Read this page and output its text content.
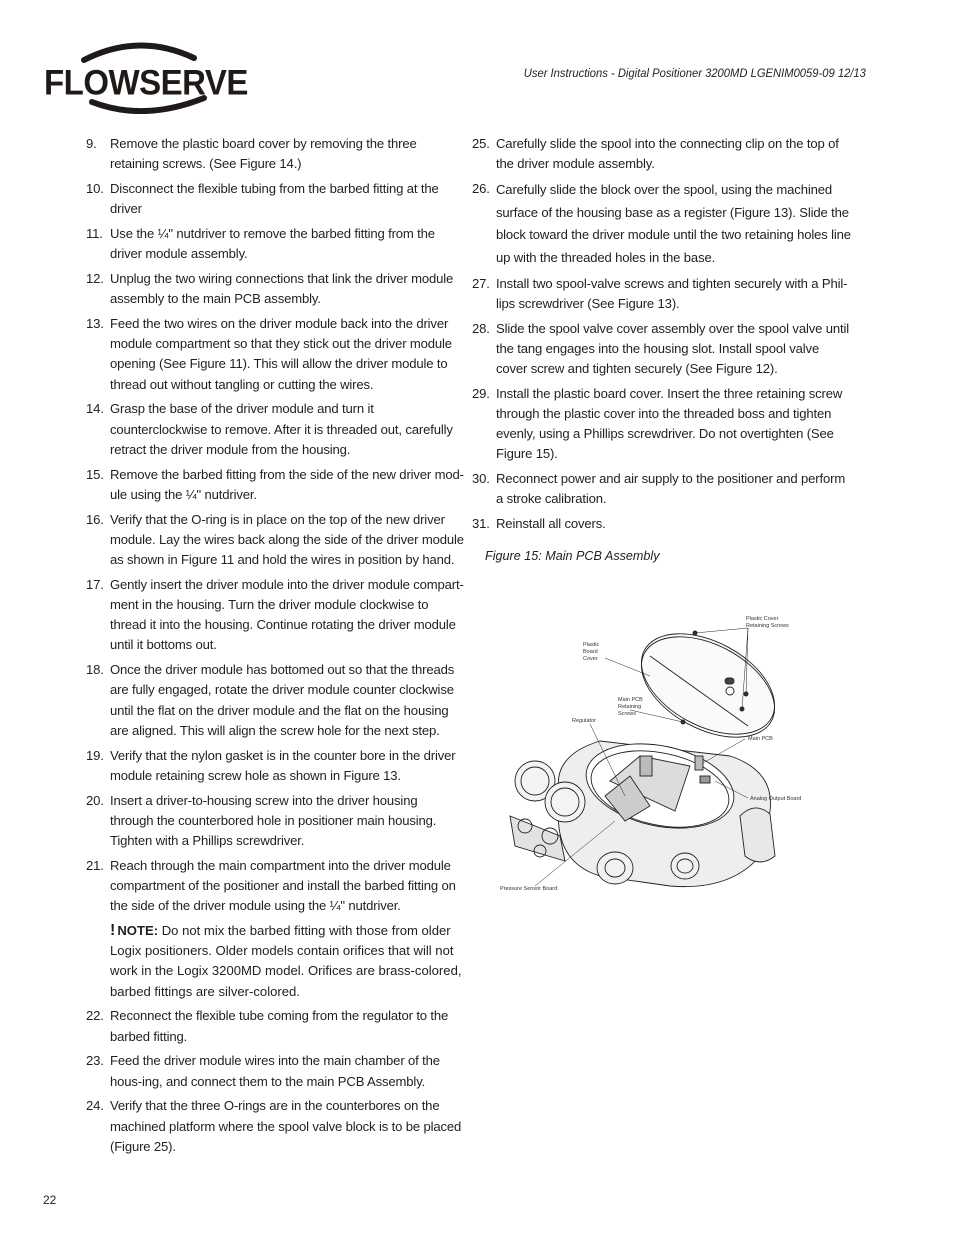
FLOWSERVE	User Instructions - Digital Positioner 3200MD LGENIM0059-09 12/13
9. Remove the plastic board cover by removing the three retaining screws. (See Figure 14.)
10. Disconnect the flexible tubing from the barbed fitting at the driver
11. Use the ¼" nutdriver to remove the barbed fitting from the driver module assembly.
12. Unplug the two wiring connections that link the driver module assembly to the main PCB assembly.
13. Feed the two wires on the driver module back into the driver module compartment so that they stick out the driver module opening (See Figure 11). This will allow the driver module to thread out without tangling or cutting the wires.
14. Grasp the base of the driver module and turn it counterclockwise to remove. After it is threaded out, carefully retract the driver module from the housing.
15. Remove the barbed fitting from the side of the new driver mod-ule using the ¼" nutdriver.
16. Verify that the O-ring is in place on the top of the new driver module. Lay the wires back along the side of the driver module as shown in Figure 11 and hold the wires in position by hand.
17. Gently insert the driver module into the driver module compart-ment in the housing. Turn the driver module clockwise to thread it into the housing. Continue rotating the driver module until it bottoms out.
18. Once the driver module has bottomed out so that the threads are fully engaged, rotate the driver module counter clockwise until the flat on the driver module and the flat on the housing are aligned. This will align the screw hole for the next step.
19. Verify that the nylon gasket is in the counter bore in the driver module retaining screw hole as shown in Figure 13.
20. Insert a driver-to-housing screw into the driver housing through the counterbored hole in positioner main housing. Tighten with a Phillips screwdriver.
21. Reach through the main compartment into the driver module compartment of the positioner and install the barbed fitting on the side of the driver module using the ¼" nutdriver.
! NOTE: Do not mix the barbed fitting with those from older Logix positioners. Older models contain orifices that will not work in the Logix 3200MD model. Orifices are brass-colored, barbed fittings are silver-colored.
22. Reconnect the flexible tube coming from the regulator to the barbed fitting.
23. Feed the driver module wires into the main chamber of the hous-ing, and connect them to the main PCB Assembly.
24. Verify that the three O-rings are in the counterbores on the machined platform where the spool valve block is to be placed (Figure 25).
25. Carefully slide the spool into the connecting clip on the top of the driver module assembly.
26. Carefully slide the block over the spool, using the machined surface of the housing base as a register (Figure 13). Slide the block toward the driver module until the two retaining holes line up with the threaded holes in the base.
27. Install two spool-valve screws and tighten securely with a Phil-lips screwdriver (See Figure 13).
28. Slide the spool valve cover assembly over the spool valve until the tang engages into the housing slot. Install spool valve cover screw and tighten securely (See Figure 12).
29. Install the plastic board cover. Insert the three retaining screw through the plastic cover into the threaded boss and tighten evenly, using a Phillips screwdriver. Do not overtighten (See Figure 15).
30. Reconnect power and air supply to the positioner and perform a stroke calibration.
31. Reinstall all covers.
Figure 15: Main PCB Assembly
Plastic Cover
Retaining Screws
Plastic
Board
Cover
Main PCB
Retaining
Screws
Regulator
Main PCB
Analog Output Board
Pressure Sensor Board
22
